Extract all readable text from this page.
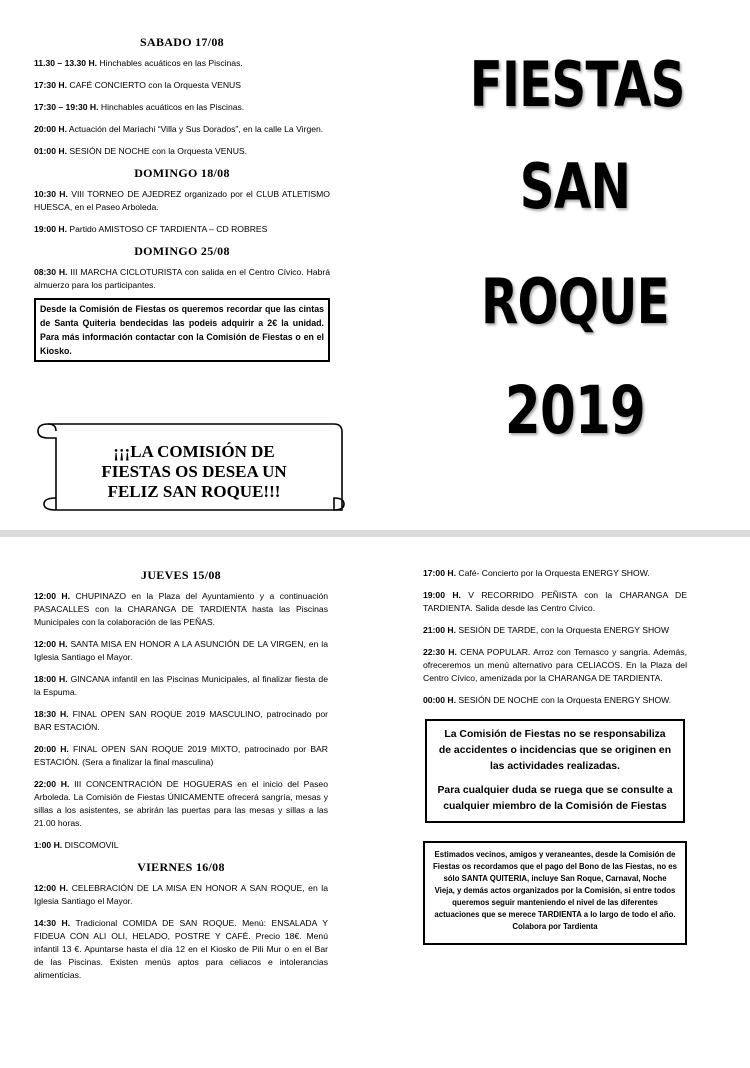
SABADO 17/08

11.30 – 13.30 H. Hinchables acuáticos en las Piscinas.

17:30 H. CAFÉ CONCIERTO con la Orquesta VENUS

17:30 – 19:30 H. Hinchables acuáticos en las Piscinas.

20:00 H. Actuación del Mariachi “Villa y Sus Dorados”, en la calle La Virgen.

01:00 H. SESIÓN DE NOCHE con la Orquesta VENUS.

DOMINGO 18/08

10:30 H. VIII TORNEO DE AJEDREZ organizado por el CLUB ATLETISMO HUESCA, en el Paseo Arboleda.

19:00 H. Partido AMISTOSO CF TARDIENTA – CD ROBRES

DOMINGO 25/08

08:30 H. III MARCHA CICLOTURISTA con salida en el Centro Cívico. Habrá almuerzo para los participantes.

Desde la Comisión de Fiestas os queremos recordar que las cintas de Santa Quiteria bendecidas las podeis adquirir a 2€ la unidad. Para más información contactar con la Comisión de Fiestas o en el Kiosko.
¡¡¡LA COMISIÓN DE
FIESTAS OS DESEA UN
FELIZ SAN ROQUE!!!
FIESTAS
SAN
ROQUE
2019
JUEVES 15/08

12:00 H. CHUPINAZO en la Plaza del Ayuntamiento y a continuación PASACALLES con la CHARANGA DE TARDIENTA hasta las Piscinas Municipales con la colaboración de las PEÑAS.

12:00 H. SANTA MISA EN HONOR A LA ASUNCIÓN DE LA VIRGEN, en la Iglesia Santiago el Mayor.

18:00 H. GINCANA infantil en las Piscinas Municipales, al finalizar fiesta de la Espuma.

18:30 H. FINAL OPEN SAN ROQUE 2019 MASCULINO, patrocinado por BAR ESTACIÓN.

20:00 H. FINAL OPEN SAN ROQUE 2019 MIXTO, patrocinado por BAR ESTACIÓN. (Sera a finalizar la final masculina)

22:00 H. III CONCENTRACIÓN DE HOGUERAS en el inicio del Paseo Arboleda. La Comisión de Fiestas ÚNICAMENTE ofrecerá sangría, mesas y sillas a los asistentes, se abrirán las puertas para las mesas y sillas a las 21.00 horas.

1:00 H. DISCOMOVIL

VIERNES 16/08

12:00 H. CELEBRACIÓN DE LA MISA EN HONOR A SAN ROQUE, en la Iglesia Santiago el Mayor.

14:30 H. Tradicional COMIDA DE SAN ROQUE. Menú: ENSALADA Y FIDEUA CON ALI OLI, HELADO, POSTRE Y CAFÉ. Precio 18€. Menú infantil 13 €. Apuntarse hasta el día 12 en el Kiosko de Pili Mur o en el Bar de las Piscinas. Existen menús aptos para celiacos e intolerancias alimenticias.

17:00 H. Café- Concierto por la Orquesta ENERGY SHOW.

19:00 H. V RECORRIDO PEÑISTA con la CHARANGA DE TARDIENTA. Salida desde las Centro Cívico.

21:00 H. SESIÓN DE TARDE, con la Orquesta ENERGY SHOW

22:30 H. CENA POPULAR. Arroz con Ternasco y sangria. Además, ofreceremos un menú alternativo para CELIACOS. En la Plaza del Centro Cívico, amenizada por la CHARANGA DE TARDIENTA.

00:00 H. SESIÓN DE NOCHE con la Orquesta ENERGY SHOW.

La Comisión de Fiestas no se responsabiliza de accidentes o incidencias que se originen en las actividades realizadas.

Para cualquier duda se ruega que se consulte a cualquier miembro de la Comisión de Fiestas

Estimados vecinos, amigos y veraneantes, desde la Comisión de Fiestas os recordamos que el pago del Bono de las Fiestas, no es sólo SANTA QUITERIA, incluye San Roque, Carnaval, Noche Vieja, y demás actos organizados por la Comisión, si entre todos queremos seguir manteniendo el nivel de las diferentes actuaciones que se merece TARDIENTA a lo largo de todo el año. Colabora por Tardienta
